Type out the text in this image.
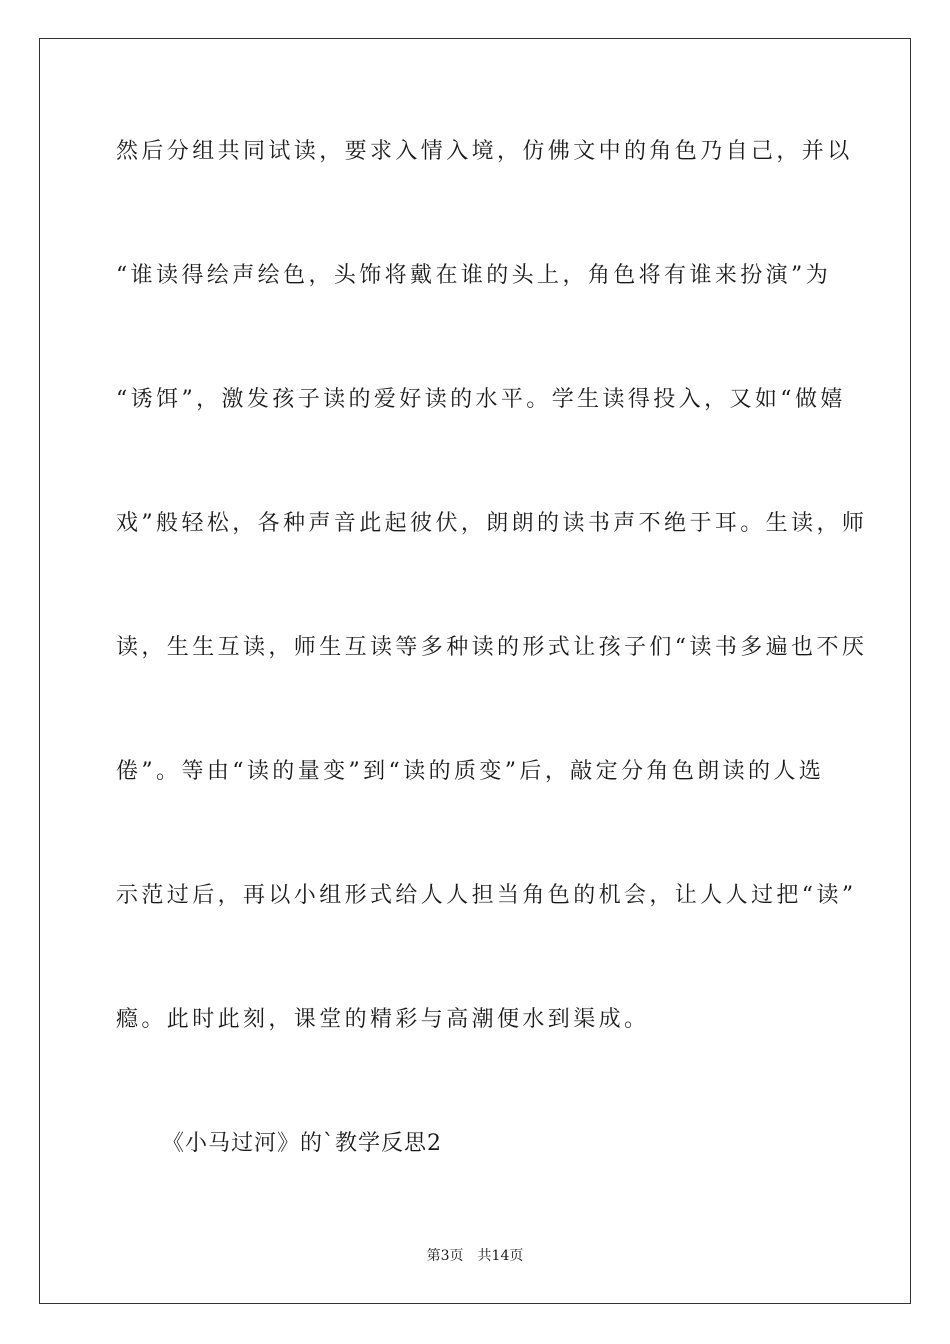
然后分组共同试读，要求入情入境，仿佛文中的角色乃自己，并以
“谁读得绘声绘色，头饰将戴在谁的头上，角色将有谁来扮演”为
“诱饵”，激发孩子读的爱好读的水平。学生读得投入，又如“做嬉
戏”般轻松，各种声音此起彼伏，朗朗的读书声不绝于耳。生读，师
读，生生互读，师生互读等多种读的形式让孩子们“读书多遍也不厌
倦”。等由“读的量变”到“读的质变”后，敲定分角色朗读的人选
示范过后，再以小组形式给人人担当角色的机会，让人人过把“读”
瘾。此时此刻，课堂的精彩与高潮便水到渠成。
《小马过河》的`教学反思2
第3页 共14页
